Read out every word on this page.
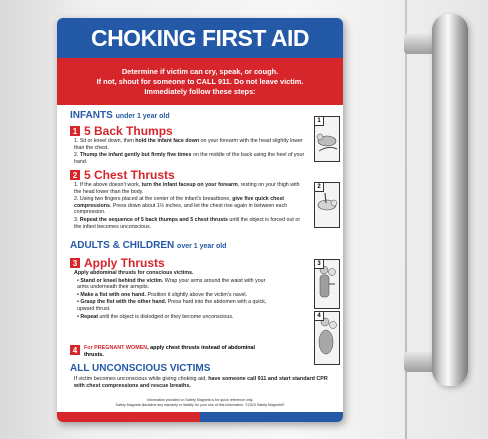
CHOKING FIRST AID
Determine if victim can cry, speak, or cough.
If not, shout for someone to CALL 911. Do not leave victim.
Immediately follow these steps:
INFANTS under 1 year old
1 5 Back Thumps

1. Sit or kneel down, then hold the infant face down on your forearm with the head slightly lower than the chest.

2. Thump the infant gently but firmly five times on the middle of the back using the heel of your hand.

2 5 Chest Thrusts

1. If the above doesn't work, turn the infant faceup on your forearm, resting on your thigh with the head lower than the body.

2. Using two fingers placed at the center of the infant's breastbone, give five quick chest compressions. Press down about 1½ inches, and let the chest rise again in between each compression.

3. Repeat the sequence of 5 back thumps and 5 chest thrusts until the object is forced out or the infant becomes unconscious.

ADULTS & CHILDREN over 1 year old
3 Apply Thrusts

Apply abdominal thrusts for conscious victims.

• Stand or kneel behind the victim. Wrap your arms around the waist with your arms underneath their armpits.

• Make a fist with one hand. Position it slightly above the victim's navel.

• Grasp the fist with the other hand. Press hard into the abdomen with a quick, upward thrust.

• Repeat until the object is dislodged or they become unconscious.

4	For PREGNANT WOMEN, apply chest thrusts instead of abdominal thrusts.
ALL UNCONSCIOUS VICTIMS

If victim becomes unconscious while giving choking aid, have someone call 911 and start standard CPR with chest compressions and rescue breaths.

Information provided on Safety Magnets is for quick reference only.
Safety Magnets disclaims any warranty or liability for your use of this information. ©2023 Safety Magnets®
1
2
3
4
